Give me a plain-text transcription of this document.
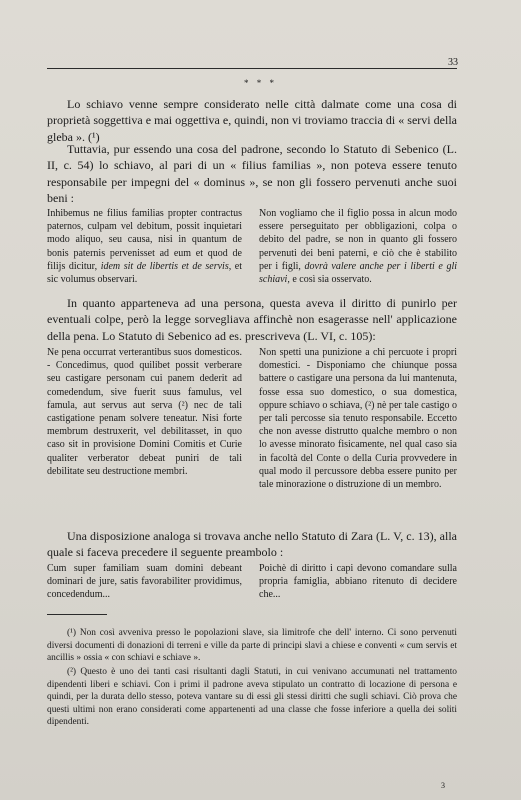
33
* * *

Lo schiavo venne sempre considerato nelle città dalmate come una cosa di proprietà soggettiva e mai oggettiva e, quindi, non vi troviamo traccia di « servi della gleba ». (¹)

Tuttavia, pur essendo una cosa del padrone, secondo lo Statuto di Sebenico (L. II, c. 54) lo schiavo, al pari di un « filius familias », non poteva essere tenuto responsabile per impegni del « dominus », se non gli fossero pervenuti anche suoi beni :

Inhibemus ne filius familias propter contractus paternos, culpam vel debitum, possit inquietari modo aliquo, seu causa, nisi in quantum de bonis paternis pervenisset ad eum et quod de filijs dicitur, idem sit de libertis et de servis, et sic volumus observari.

Non vogliamo che il figlio possa in alcun modo essere perseguitato per obbligazioni, colpa o debito del padre, se non in quanto gli fossero pervenuti dei beni paterni, e ciò che è stabilito per i figli, dovrà valere anche per i liberti e gli schiavi, e così sia osservato.

In quanto apparteneva ad una persona, questa aveva il diritto di punirlo per eventuali colpe, però la legge sorvegliava affinchè non esagerasse nell' applicazione della pena. Lo Statuto di Sebenico ad es. prescriveva (L. VI, c. 105):

Ne pena occurrat verterantibus suos domesticos. - Concedimus, quod quilibet possit verberare seu castigare personam cui panem dederit ad comedendum, sive fuerit suus famulus, vel famula, aut servus aut serva (²) nec de tali castigatione penam solvere teneatur. Nisi forte membrum destruxerit, vel debilitasset, in quo caso sit in provisione Domini Comitis et Curie qualiter verberator debeat puniri de tali debilitate seu destructione membri.

Non spetti una punizione a chi percuote i propri domestici. - Disponiamo che chiunque possa battere o castigare una persona da lui mantenuta, fosse essa suo domestico, o sua domestica, oppure schiavo o schiava, (²) nè per tale castigo o per tali percosse sia tenuto responsabile. Eccetto che non avesse distrutto qualche membro o non lo avesse minorato fisicamente, nel qual caso sia in facoltà del Conte o della Curia provvedere in qual modo il percussore debba essere punito per tale minorazione o distruzione di un membro.

Una disposizione analoga si trovava anche nello Statuto di Zara (L. V, c. 13), alla quale si faceva precedere il seguente preambolo :

Cum super familiam suam domini debeant dominari de jure, satis favorabiliter providimus, concedendum...

Poichè di diritto i capi devono comandare sulla propria famiglia, abbiano ritenuto di decidere che...

(¹) Non così avveniva presso le popolazioni slave, sia limitrofe che dell' interno. Ci sono pervenuti diversi documenti di donazioni di terreni e ville da parte di principi slavi a chiese e conventi « cum servis et ancillis » ossia « con schiavi e schiave ».

(²) Questo è uno dei tanti casi risultanti dagli Statuti, in cui venivano accumunati nel trattamento dipendenti liberi e schiavi. Con i primi il padrone aveva stipulato un contratto di locazione di persona e quindi, per la durata dello stesso, poteva vantare su di essi gli stessi diritti che sugli schiavi. Ciò prova che questi ultimi non erano considerati come appartenenti ad una classe che fosse inferiore a quella dei soliti dipendenti.

3
